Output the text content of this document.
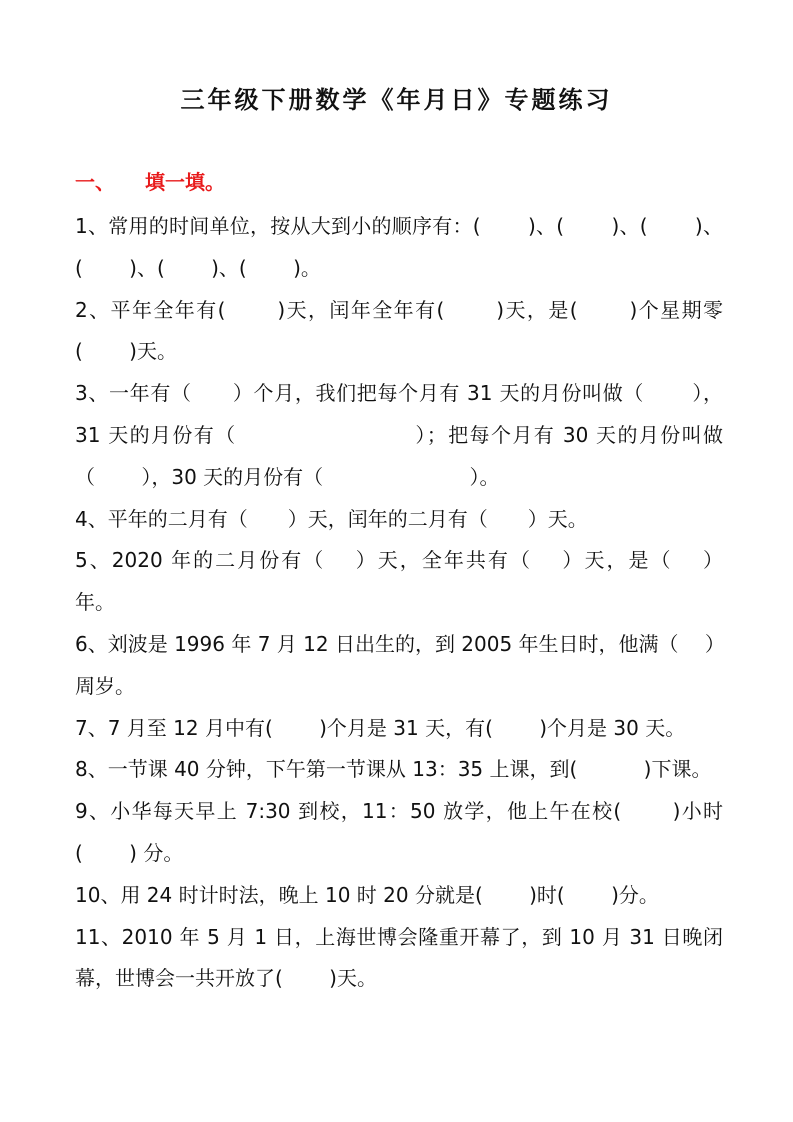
三年级下册数学《年月日》专题练习
一、 填一填。
1、常用的时间单位，按从大到小的顺序有：(　　 )、(　　 )、(　　 )、
(　　 )、(　　 )、(　　 )。
2、平年全年有(　　 )天，闰年全年有(　　 )天，是(　　 )个星期零
(　　 )天。
3、一年有（　　）个月，我们把每个月有 31 天的月份叫做（　　 ），
31 天的月份有（　　　　　　　　 ）；把每个月有 30 天的月份叫做
（　　 ），30 天的月份有（　　　　　　　 ）。
4、平年的二月有（　　）天，闰年的二月有（　　）天。
5、2020 年的二月份有（　 ）天，全年共有（　 ）天，是（　 ）
年。
6、刘波是 1996 年 7 月 12 日出生的，到 2005 年生日时，他满（　 ）
周岁。
7、7 月至 12 月中有(　　 )个月是 31 天，有(　　 )个月是 30 天。
8、一节课 40 分钟，下午第一节课从 13：35 上课，到(　　　 )下课。
9、小华每天早上 7:30 到校，11：50 放学，他上午在校(　　 )小时
(　　 ) 分。
10、用 24 时计时法，晚上 10 时 20 分就是(　　 )时(　　 )分。
11、2010 年 5 月 1 日，上海世博会隆重开幕了，到 10 月 31 日晚闭
幕，世博会一共开放了(　　 )天。
